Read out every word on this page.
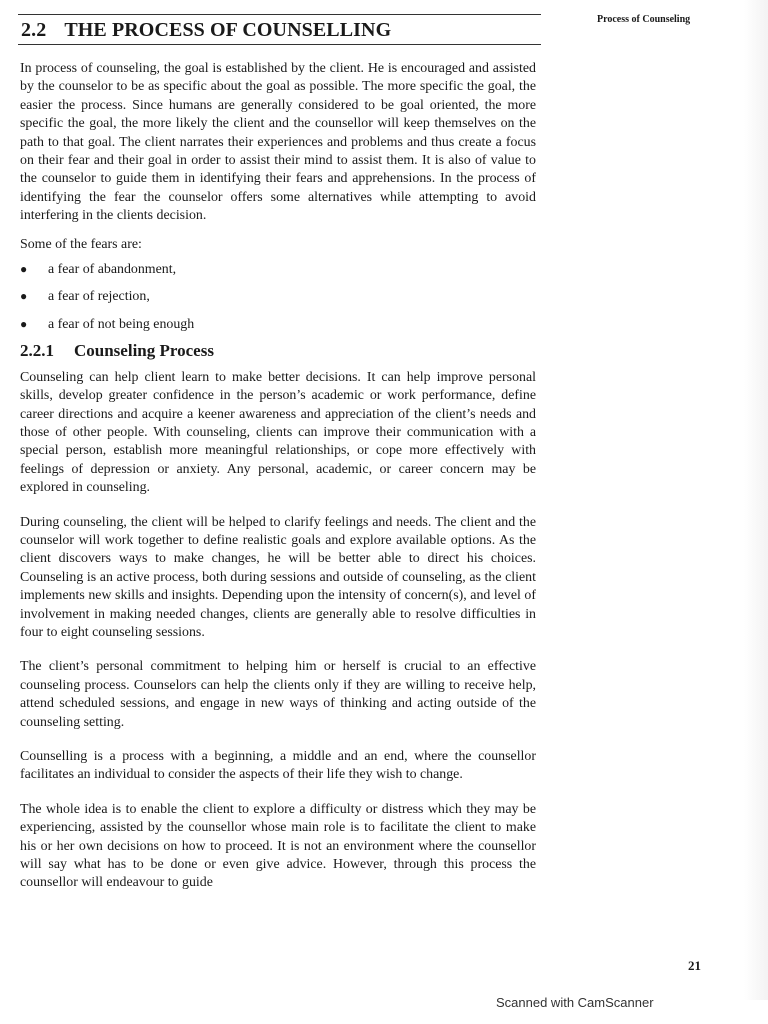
2.2 THE PROCESS OF COUNSELLING	Process of Counseling

In process of counseling, the goal is established by the client. He is encouraged and assisted by the counselor to be as specific about the goal as possible. The more specific the goal, the easier the process. Since humans are generally considered to be goal oriented, the more specific the goal, the more likely the client and the counsellor will keep themselves on the path to that goal. The client narrates their experiences and problems and thus create a focus on their fear and their goal in order to assist their mind to assist them. It is also of value to the counselor to guide them in identifying their fears and apprehensions. In the process of identifying the fear the counselor offers some alternatives while attempting to avoid interfering in the clients decision.

Some of the fears are:

●	a fear of abandonment,
●	a fear of rejection,
●	a fear of not being enough
2.2.1 Counseling Process

Counseling can help client learn to make better decisions. It can help improve personal skills, develop greater confidence in the person’s academic or work performance, define career directions and acquire a keener awareness and appreciation of the client’s needs and those of other people. With counseling, clients can improve their communication with a special person, establish more meaningful relationships, or cope more effectively with feelings of depression or anxiety. Any personal, academic, or career concern may be explored in counseling.

During counseling, the client will be helped to clarify feelings and needs. The client and the counselor will work together to define realistic goals and explore available options. As the client discovers ways to make changes, he will be better able to direct his choices. Counseling is an active process, both during sessions and outside of counseling, as the client implements new skills and insights. Depending upon the intensity of concern(s), and level of involvement in making needed changes, clients are generally able to resolve difficulties in four to eight counseling sessions.

The client’s personal commitment to helping him or herself is crucial to an effective counseling process. Counselors can help the clients only if they are willing to receive help, attend scheduled sessions, and engage in new ways of thinking and acting outside of the counseling setting.

Counselling is a process with a beginning, a middle and an end, where the counsellor facilitates an individual to consider the aspects of their life they wish to change.

The whole idea is to enable the client to explore a difficulty or distress which they may be experiencing, assisted by the counsellor whose main role is to facilitate the client to make his or her own decisions on how to proceed. It is not an environment where the counsellor will say what has to be done or even give advice. However, through this process the counsellor will endeavour to guide

21
Scanned with CamScanner
